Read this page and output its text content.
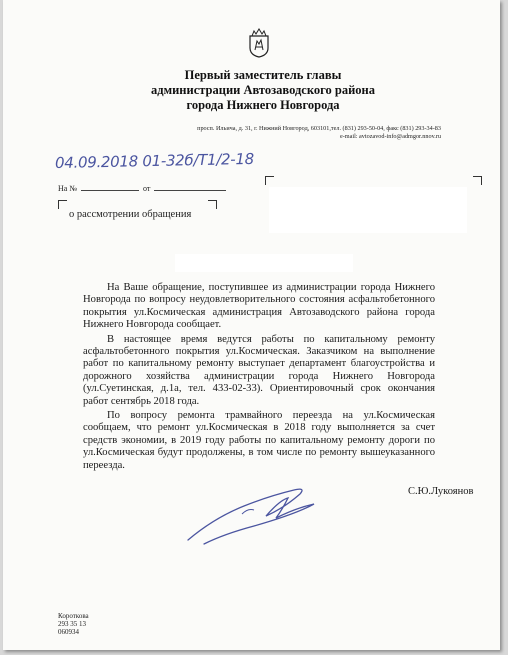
Первый заместитель главы
администрации Автозаводского района
города Нижнего Новгорода
просп. Ильича, д. 31, г. Нижний Новгород, 603101,тел. (831) 293-50-04, факс (831) 293-34-83
e-mail: avtozavod-info@admgor.nnov.ru
04.09.2018 01-32б/Т1/2-18
На №	от
о рассмотрении обращения

На Ваше обращение, поступившее из администрации города Нижнего Новгорода по вопросу неудовлетворительного состояния асфальтобетонного покрытия ул.Космическая администрация Автозаводского района города Нижнего Новгорода сообщает.

В настоящее время ведутся работы по капитальному ремонту асфальтобетонного покрытия ул.Космическая. Заказчиком на выполнение работ по капитальному ремонту выступает департамент благоустройства и дорожного хозяйства администрации города Нижнего Новгорода (ул.Суетинская, д.1а, тел. 433-02-33). Ориентировочный срок окончания работ сентябрь 2018 года.

По вопросу ремонта трамвайного переезда на ул.Космическая сообщаем, что ремонт ул.Космическая в 2018 году выполняется за счет средств экономии, в 2019 году работы по капитальному ремонту дороги по ул.Космическая будут продолжены, в том числе по ремонту вышеуказанного переезда.

С.Ю.Лукоянов
Короткова
293 35 13
060934
